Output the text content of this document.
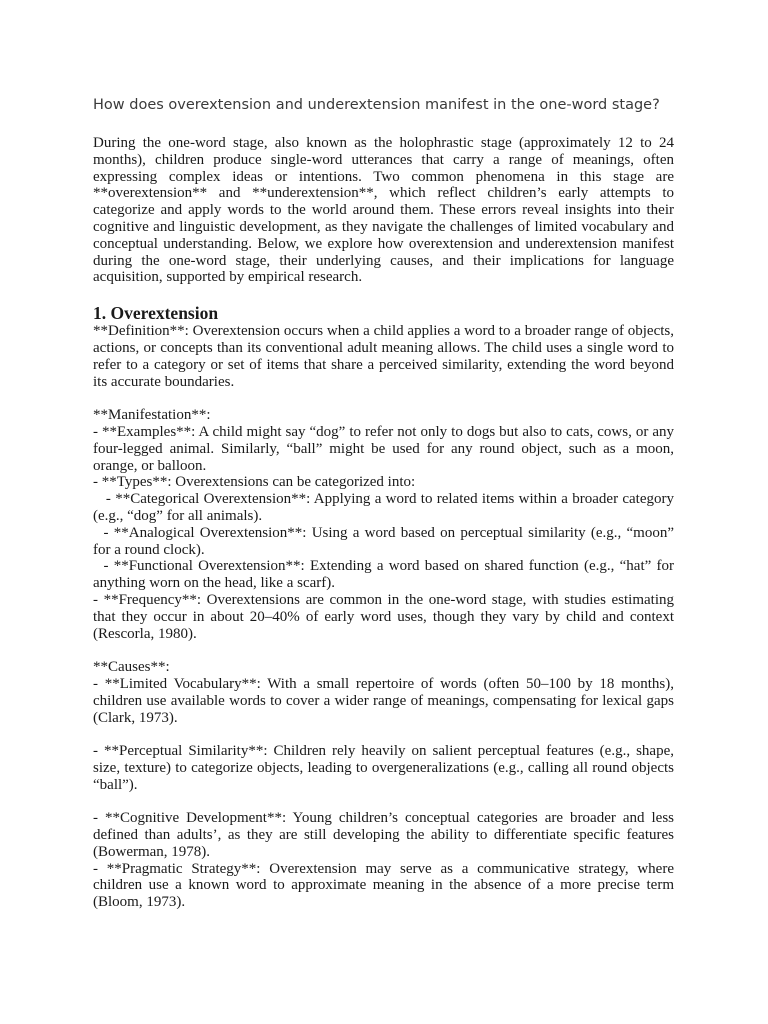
How does overextension and underextension manifest in the one-word stage?

During the one-word stage, also known as the holophrastic stage (approximately 12 to 24 months), children produce single-word utterances that carry a range of meanings, often expressing complex ideas or intentions. Two common phenomena in this stage are **overextension** and **underextension**, which reflect children’s early attempts to categorize and apply words to the world around them. These errors reveal insights into their cognitive and linguistic development, as they navigate the challenges of limited vocabulary and conceptual understanding. Below, we explore how overextension and underextension manifest during the one-word stage, their underlying causes, and their implications for language acquisition, supported by empirical research.

1. Overextension

**Definition**: Overextension occurs when a child applies a word to a broader range of objects, actions, or concepts than its conventional adult meaning allows. The child uses a single word to refer to a category or set of items that share a perceived similarity, extending the word beyond its accurate boundaries.

**Manifestation**:

- **Examples**: A child might say “dog” to refer not only to dogs but also to cats, cows, or any four-legged animal. Similarly, “ball” might be used for any round object, such as a moon, orange, or balloon.

- **Types**: Overextensions can be categorized into:

- **Categorical Overextension**: Applying a word to related items within a broader category (e.g., “dog” for all animals).

- **Analogical Overextension**: Using a word based on perceptual similarity (e.g., “moon” for a round clock).

- **Functional Overextension**: Extending a word based on shared function (e.g., “hat” for anything worn on the head, like a scarf).

- **Frequency**: Overextensions are common in the one-word stage, with studies estimating that they occur in about 20–40% of early word uses, though they vary by child and context (Rescorla, 1980).

**Causes**:

- **Limited Vocabulary**: With a small repertoire of words (often 50–100 by 18 months), children use available words to cover a wider range of meanings, compensating for lexical gaps (Clark, 1973).

- **Perceptual Similarity**: Children rely heavily on salient perceptual features (e.g., shape, size, texture) to categorize objects, leading to overgeneralizations (e.g., calling all round objects “ball”).

- **Cognitive Development**: Young children’s conceptual categories are broader and less defined than adults’, as they are still developing the ability to differentiate specific features (Bowerman, 1978).

- **Pragmatic Strategy**: Overextension may serve as a communicative strategy, where children use a known word to approximate meaning in the absence of a more precise term (Bloom, 1973).
